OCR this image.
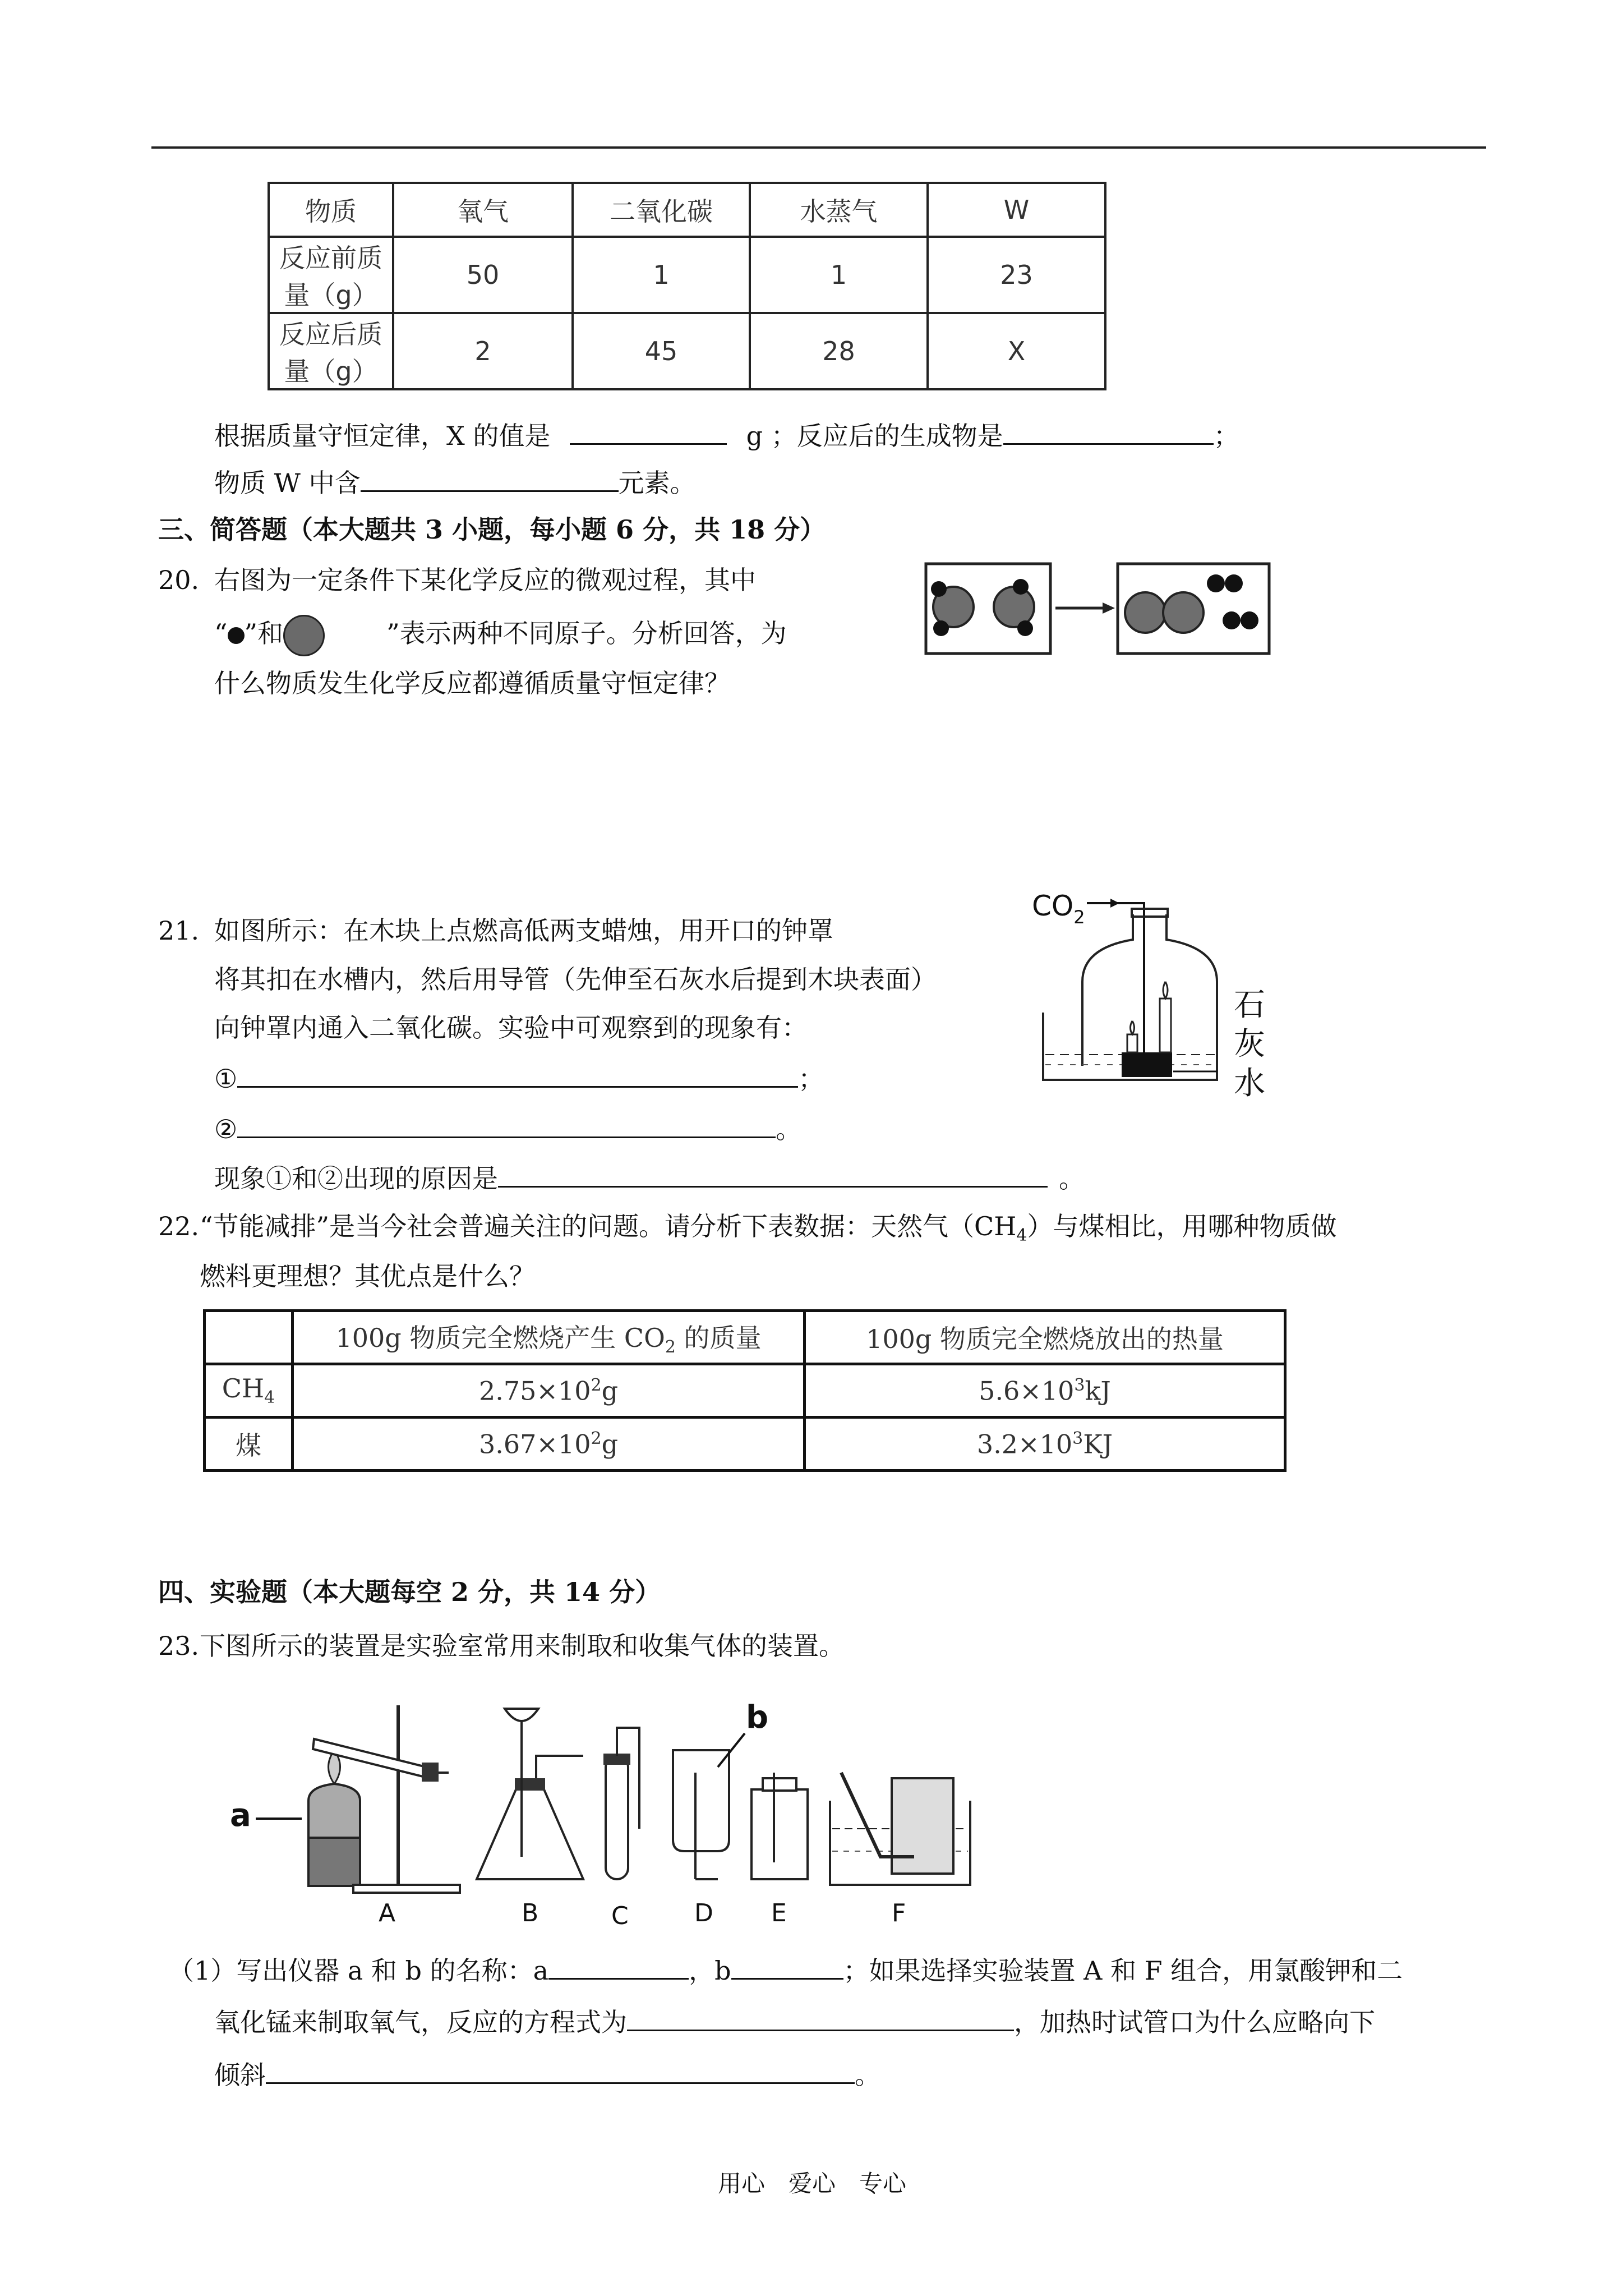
物质	氧气	二氧化碳	水蒸气	W
反应前质量（g）	50	1	1	23
反应后质量（g）	2	45	28	X
根据质量守恒定律，X 的值是	g ；反应后的生成物是	；
物质 W 中含	元素。
三、简答题（本大题共 3 小题，每小题 6 分，共 18 分）
20. 右图为一定条件下某化学反应的微观过程，其中
“ ”和	”表示两种不同原子。分析回答，为
什么物质发生化学反应都遵循质量守恒定律？
21. 如图所示：在木块上点燃高低两支蜡烛，用开口的钟罩
将其扣在水槽内，然后用导管（先伸至石灰水后提到木块表面）
向钟罩内通入二氧化碳。实验中可观察到的现象有：
①	；
②	。
现象①和②出现的原因是	。
$CO_2$
石
灰
水
22. “节能减排”是当今社会普遍关注的问题。请分析下表数据：天然气$(CH_4)$与煤相比，用哪种物质做
燃料更理想？其优点是什么？
	100g 物质完全燃烧产生 $CO_2$ 的质量	100g 物质完全燃烧放出的热量
$CH_4$	$2.75\times 10^2g$	$5.6\times 10^3kJ$
煤	$3.67\times 10^2g$	$3.2\times 10^3KJ$
四、实验题（本大题每空 2 分，共 14 分）
23. 下图所示的装置是实验室常用来制取和收集气体的装置。
a
b
A	B	C	D E	F
（1）写出仪器 a 和 b 的名称：a	，b	；如果选择实验装置 A 和 F 组合，用氯酸钾和二
氧化锰来制取氧气，反应的方程式为	，加热时试管口为什么应略向下
倾斜	。
用心　爱心　专心
